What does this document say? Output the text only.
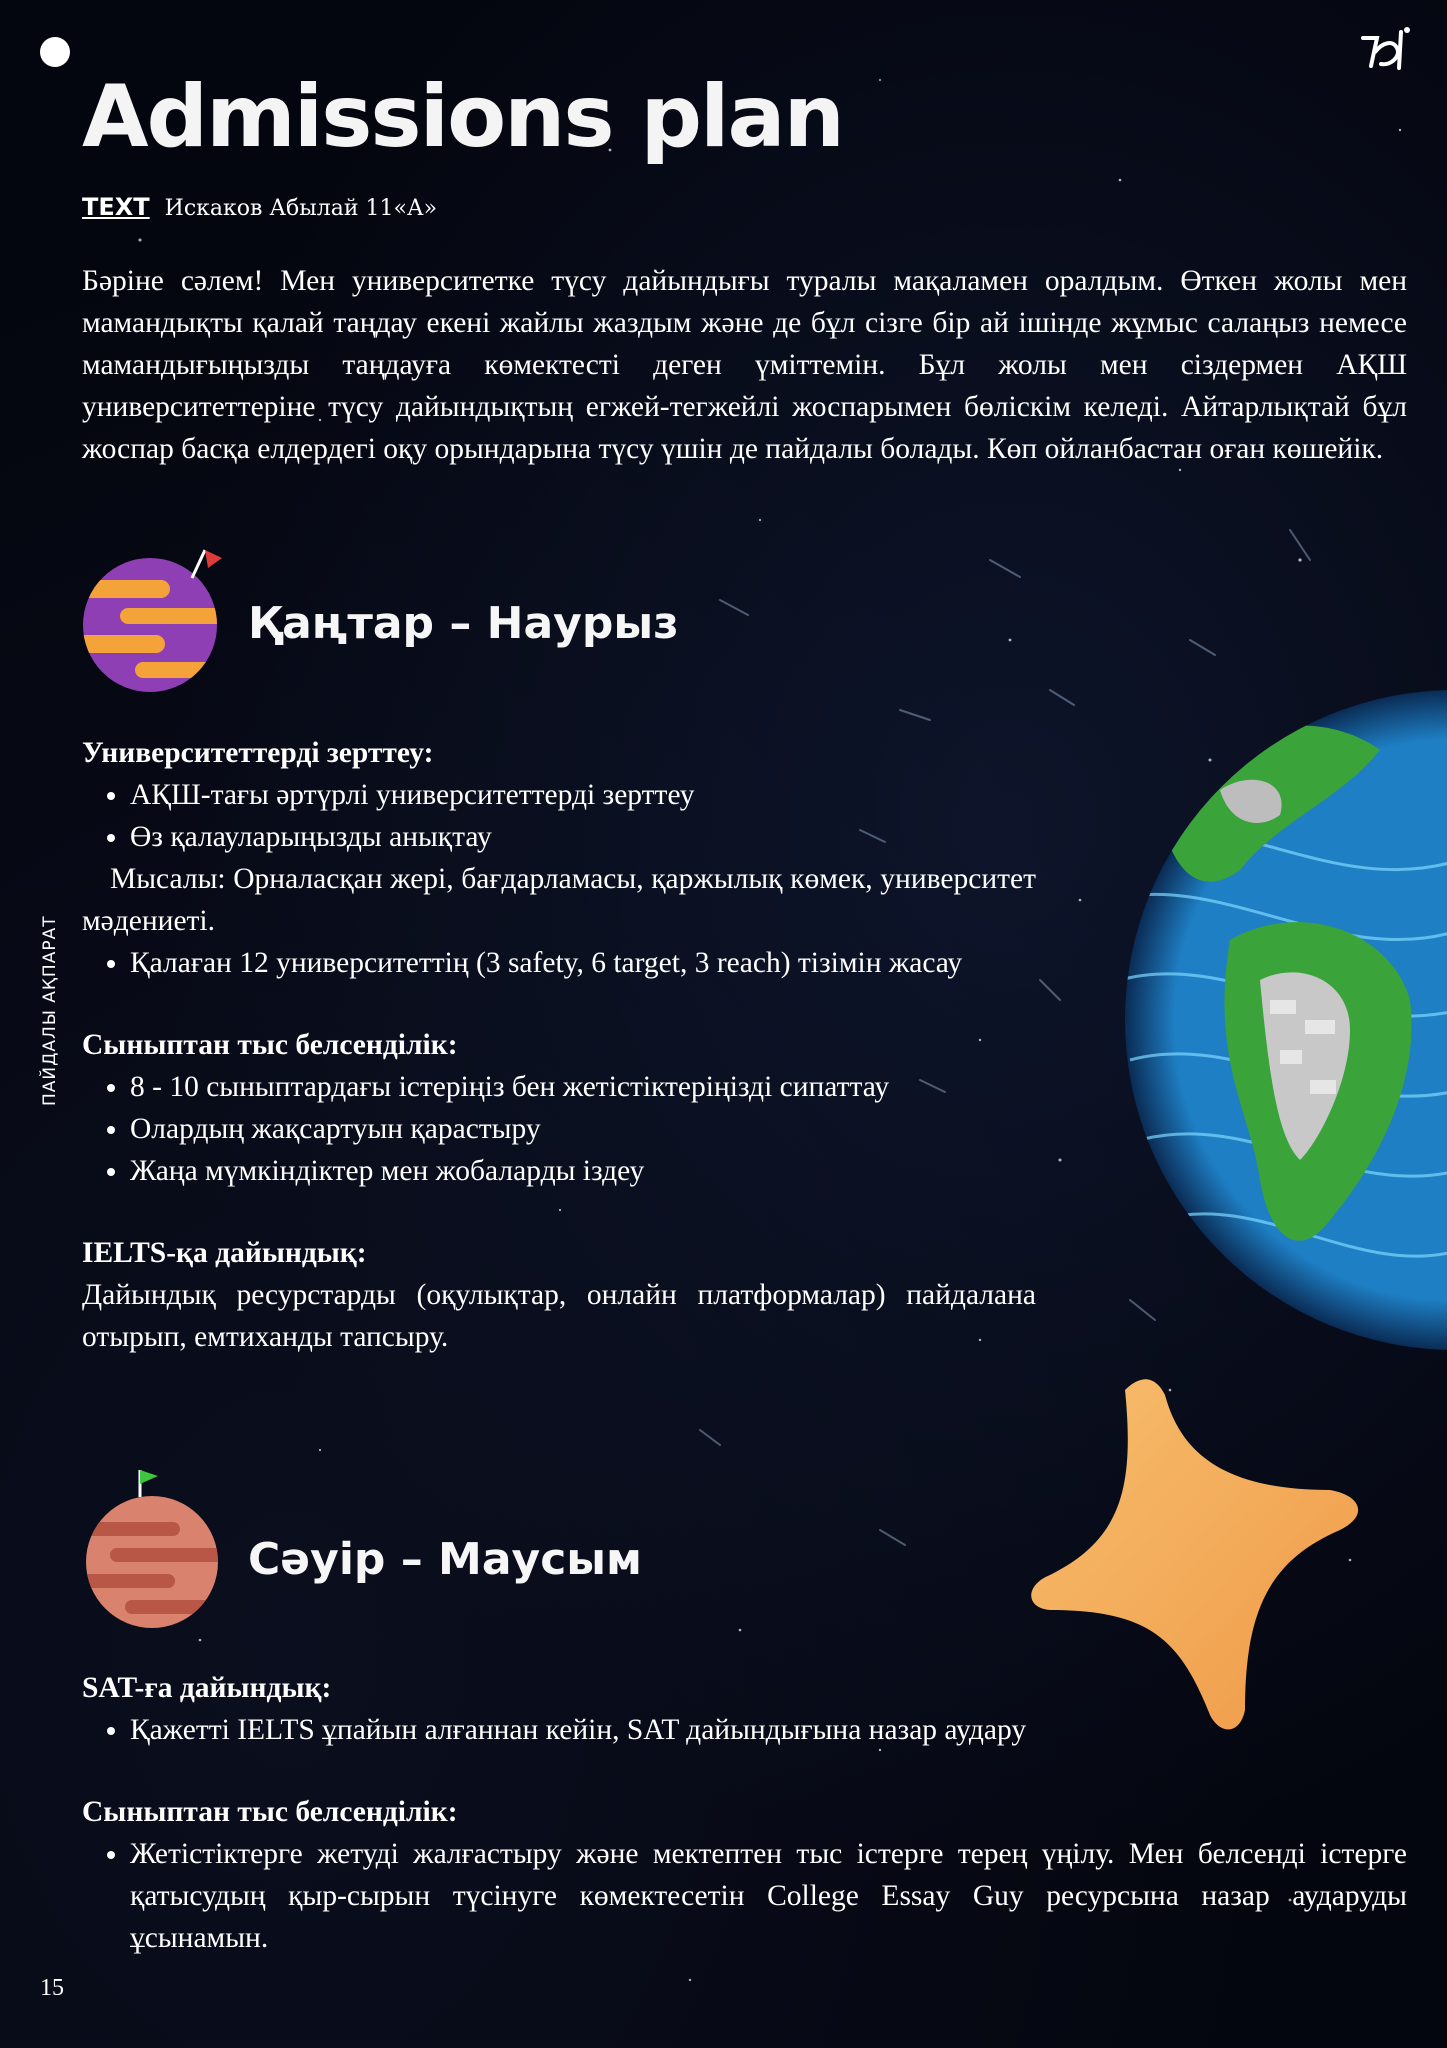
Admissions plan
TEXT Искаков Абылай 11«А»

Бәріне сәлем! Мен университетке түсу дайындығы туралы мақаламен оралдым. Өткен жолы мен мамандықты қалай таңдау екені жайлы жаздым және де бұл сізге бір ай ішінде жұмыс салаңыз немесе мамандығыңызды таңдауға көмектесті деген үміттемін. Бұл жолы мен сіздермен АҚШ университеттеріне түсу дайындықтың егжей-тегжейлі жоспарымен бөліскім келеді. Айтарлықтай бұл жоспар басқа елдердегі оқу орындарына түсу үшін де пайдалы болады. Көп ойланбастан оған көшейік.

ПАЙДАЛЫ АҚПАРАТ
Қаңтар – Наурыз
Университеттерді зерттеу:
• АҚШ-тағы әртүрлі университеттерді зерттеу
• Өз қалауларыңызды анықтау

Мысалы: Орналасқан жері, бағдарламасы, қаржылық көмек, университет мәдениеті.

• Қалаған 12 университеттің (3 safety, 6 target, 3 reach) тізімін жасау
Сыныптан тыс белсенділік:
• 8 - 10 сыныптардағы істеріңіз бен жетістіктеріңізді сипаттау
• Олардың жақсартуын қарастыру
• Жаңа мүмкіндіктер мен жобаларды іздеу
IELTS-қа дайындық:

Дайындық ресурстарды (оқулықтар, онлайн платформалар) пайдалана отырып, емтиханды тапсыру.

Сәуір – Маусым
SAT-ға дайындық:
• Қажетті IELTS ұпайын алғаннан кейін, SAT дайындығына назар аудару
Сыныптан тыс белсенділік:
• Жетістіктерге жетуді жалғастыру және мектептен тыс істерге терең үңілу. Мен белсенді істерге қатысудың қыр-сырын түсінуге көмектесетін College Essay Guy ресурсына назар аударуды ұсынамын.
15
